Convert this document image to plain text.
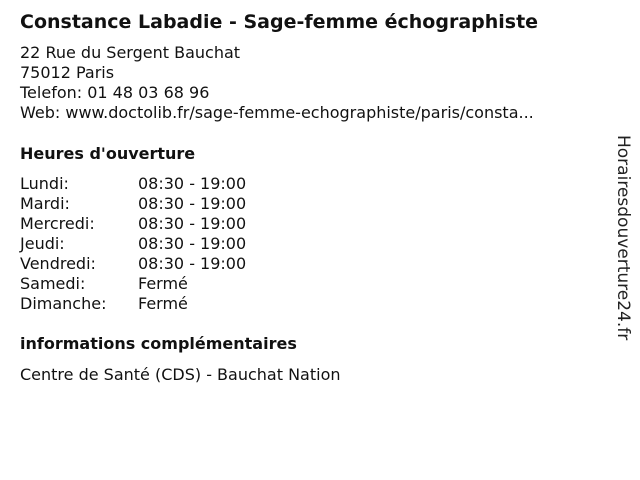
Constance Labadie - Sage-femme échographiste
22 Rue du Sergent Bauchat
75012 Paris
Telefon: 01 48 03 68 96
Web: www.doctolib.fr/sage-femme-echographiste/paris/consta...
Heures d'ouverture
Lundi:	08:30 - 19:00
Mardi:	08:30 - 19:00
Mercredi:	08:30 - 19:00
Jeudi:	08:30 - 19:00
Vendredi:	08:30 - 19:00
Samedi:	Fermé
Dimanche:	Fermé
informations complémentaires
Centre de Santé (CDS) - Bauchat Nation
Horairesdouverture24.fr
